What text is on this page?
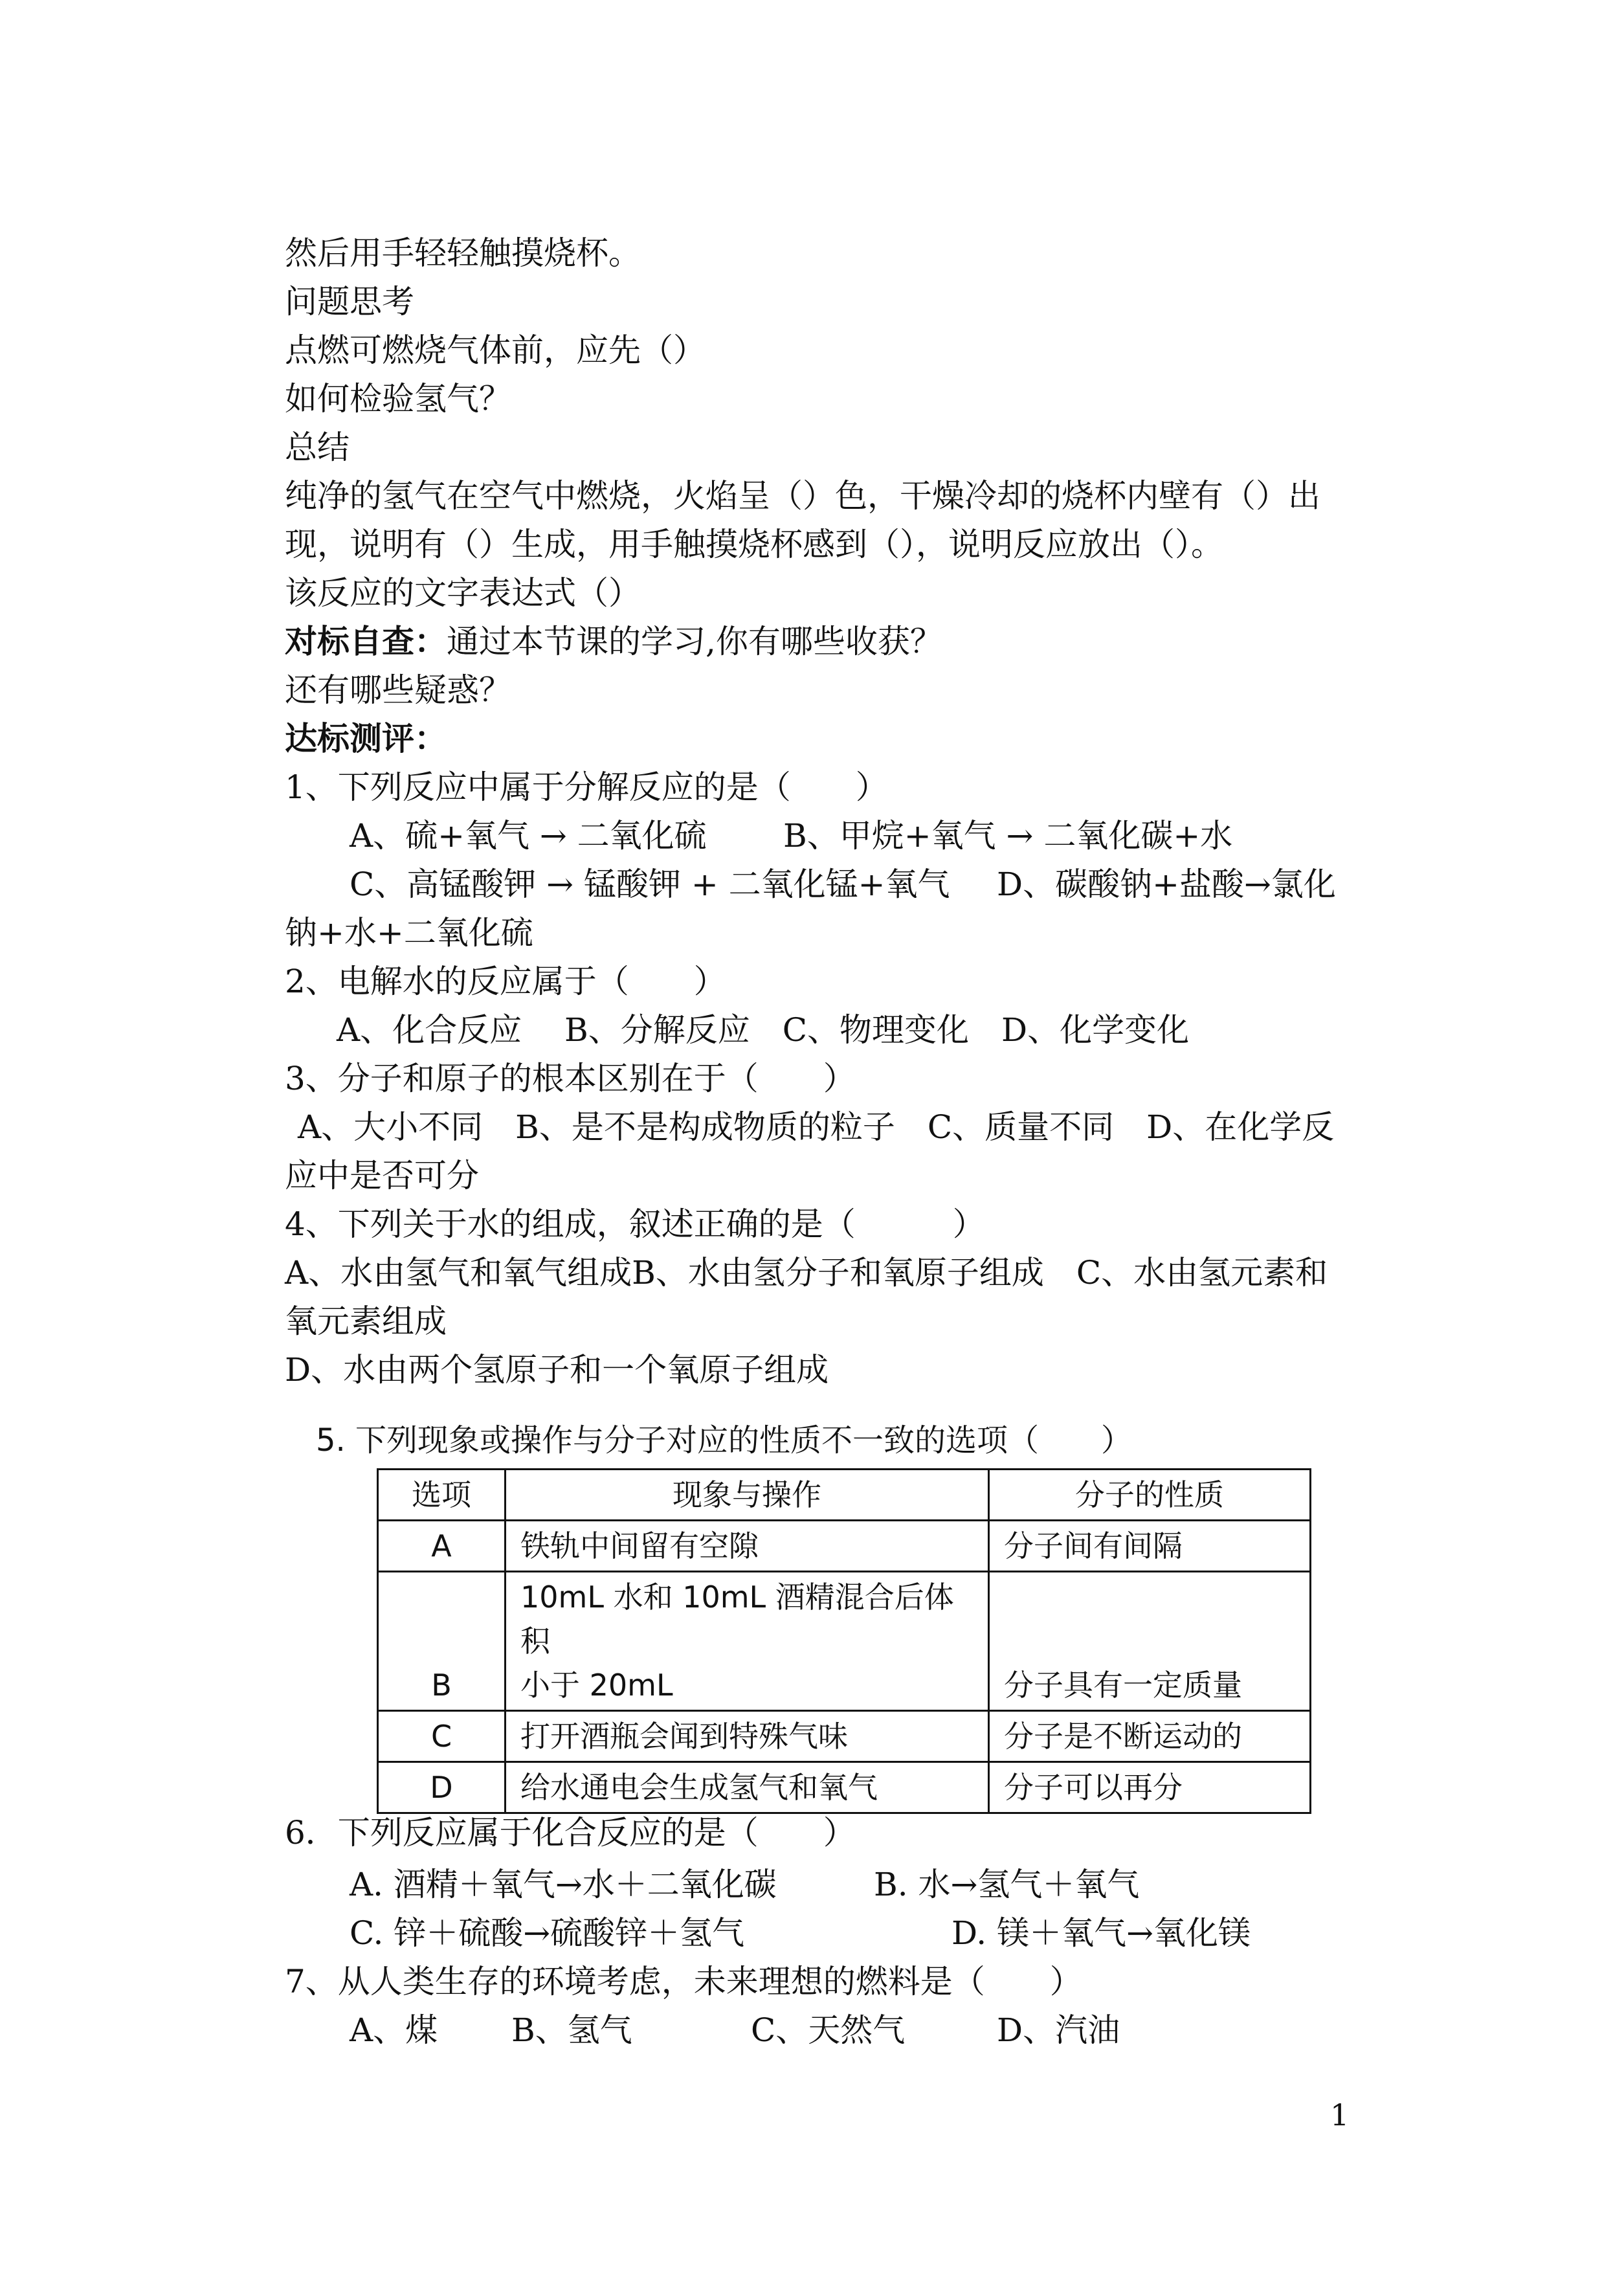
然后用手轻轻触摸烧杯。
问题思考
点燃可燃烧气体前，应先（）
如何检验氢气？
总结
纯净的氢气在空气中燃烧，火焰呈（）色，干燥冷却的烧杯内壁有（）出
现，说明有（）生成，用手触摸烧杯感到（），说明反应放出（）。
该反应的文字表达式（）
对标自查：通过本节课的学习,你有哪些收获？
还有哪些疑惑？
达标测评：
1、下列反应中属于分解反应的是（　　）
A、硫+氧气 → 二氧化硫 B、甲烷+氧气 → 二氧化碳+水
C、高锰酸钾 → 锰酸钾 + 二氧化锰+氧气 D、碳酸钠+盐酸→氯化
钠+水+二氧化硫
2、电解水的反应属于（　　）
A、化合反应　 B、分解反应　C、物理变化　D、化学变化
3、分子和原子的根本区别在于（　　）
A、大小不同　B、是不是构成物质的粒子　C、质量不同　D、在化学反
应中是否可分
4、下列关于水的组成，叙述正确的是（　　　）
A、水由氢气和氧气组成B、水由氢分子和氧原子组成　C、水由氢元素和
氧元素组成
D、水由两个氢原子和一个氧原子组成
5. 下列现象或操作与分子对应的性质不一致的选项（　　）
选项	现象与操作	分子的性质
A	铁轨中间留有空隙	分子间有间隔
B	10mL 水和 10mL 酒精混合后体积
小于 20mL	分子具有一定质量
C	打开酒瓶会闻到特殊气味	分子是不断运动的
D	给水通电会生成氢气和氧气	分子可以再分
6．下列反应属于化合反应的是（　　）
A. 酒精＋氧气→水＋二氧化碳	B. 水→氢气＋氧气
C. 锌＋硫酸→硫酸锌＋氢气	D. 镁＋氧气→氧化镁
7、从人类生存的环境考虑，未来理想的燃料是（　　）
A、煤 B、氢气	C、天然气	D、汽油
1
